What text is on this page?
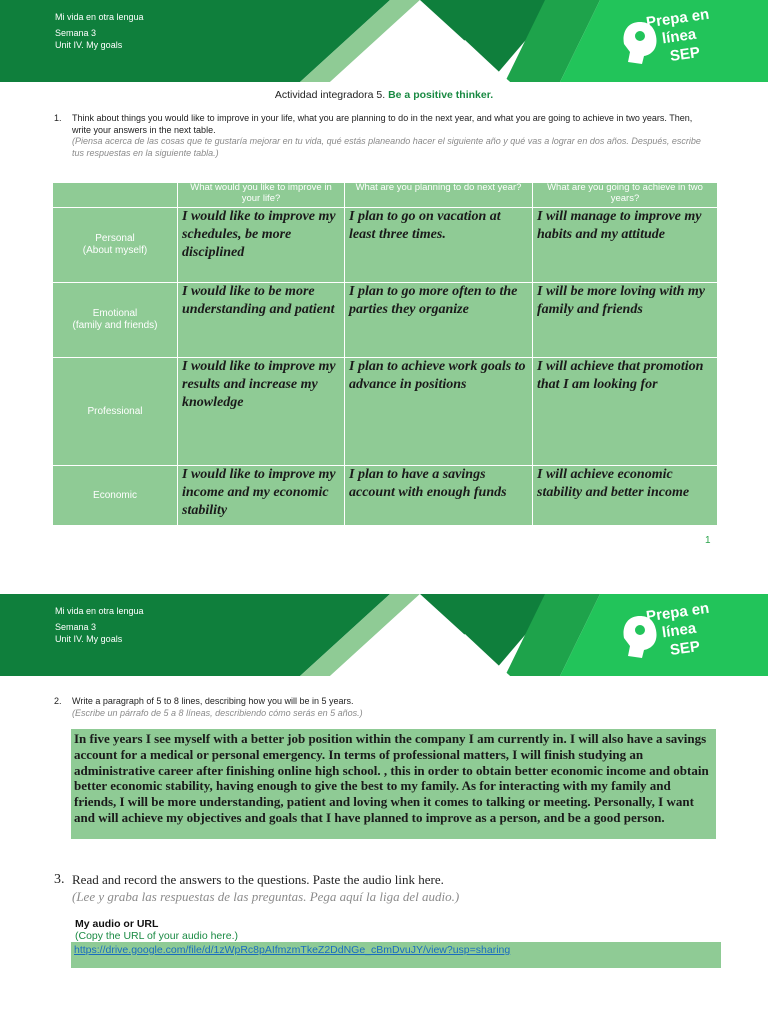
Mi vida en otra lengua
Semana 3
Unit IV. My goals
Prepa en
línea
SEP
Actividad integradora 5. Be a positive thinker.
1. Think about things you would like to improve in your life, what you are planning to do in the next year, and what you are going to achieve in two years. Then, write your answers in the next table.
(Piensa acerca de las cosas que te gustaría mejorar en tu vida, qué estás planeando hacer el siguiente año y qué vas a lograr en dos años. Después, escribe tus respuestas en la siguiente tabla.)
	What would you like to improve in your life?	What are you planning to do next year?	What are you going to achieve in two years?

Personal
(About myself)	I would like to improve my schedules, be more disciplined	I plan to go on vacation at least three times.	I will manage to improve my habits and my attitude

Emotional
(family and friends)	I would like to be more understanding and patient	I plan to go more often to the parties they organize	I will be more loving with my family and friends

Professional	I would like to improve my results and increase my knowledge	I plan to achieve work goals to advance in positions	I will achieve that promotion that I am looking for

Economic	I would like to improve my income and my economic stability	I plan to have a savings account with enough funds	I will achieve economic stability and better income
1
Mi vida en otra lengua
Semana 3
Unit IV. My goals
Prepa en
línea
SEP
2. Write a paragraph of 5 to 8 lines, describing how you will be in 5 years.
(Escribe un párrafo de 5 a 8 líneas, describiendo cómo serás en 5 años.)
In five years I see myself with a better job position within the company I am currently in. I will also have a savings account for a medical or personal emergency. In terms of professional matters, I will finish studying an administrative career after finishing online high school. , this in order to obtain better economic income and obtain better economic stability, having enough to give the best to my family. As for interacting with my family and friends, I will be more understanding, patient and loving when it comes to talking or meeting. Personally, I want and will achieve my objectives and goals that I have planned to improve as a person, and be a good person.
3. Read and record the answers to the questions. Paste the audio link here.
(Lee y graba las respuestas de las preguntas. Pega aquí la liga del audio.)
My audio or URL
(Copy the URL of your audio here.)
https://drive.google.com/file/d/1zWpRc8pAIfmzmTkeZ2DdNGe_cBmDvuJY/view?usp=sharing
